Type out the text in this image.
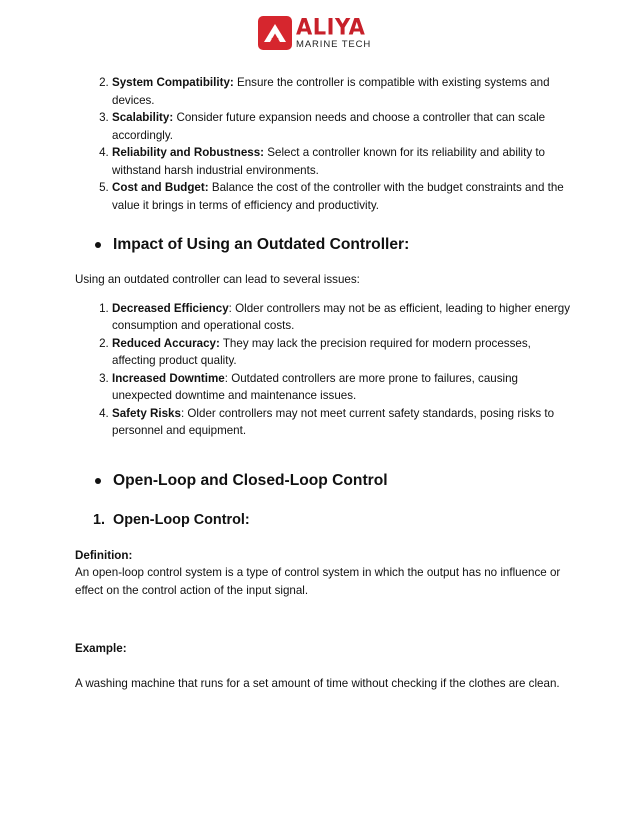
ALIYA
MARINE TECH
2. System Compatibility: Ensure the controller is compatible with existing systems and devices.
3. Scalability: Consider future expansion needs and choose a controller that can scale accordingly.
4. Reliability and Robustness: Select a controller known for its reliability and ability to withstand harsh industrial environments.
5. Cost and Budget: Balance the cost of the controller with the budget constraints and the value it brings in terms of efficiency and productivity.
Impact of Using an Outdated Controller:

Using an outdated controller can lead to several issues:

1. Decreased Efficiency: Older controllers may not be as efficient, leading to higher energy consumption and operational costs.
2. Reduced Accuracy: They may lack the precision required for modern processes, affecting product quality.
3. Increased Downtime: Outdated controllers are more prone to failures, causing unexpected downtime and maintenance issues.
4. Safety Risks: Older controllers may not meet current safety standards, posing risks to personnel and equipment.
Open-Loop and Closed-Loop Control
1. Open-Loop Control:

Definition:

An open-loop control system is a type of control system in which the output has no influence or effect on the control action of the input signal.

Example:

A washing machine that runs for a set amount of time without checking if the clothes are clean.
